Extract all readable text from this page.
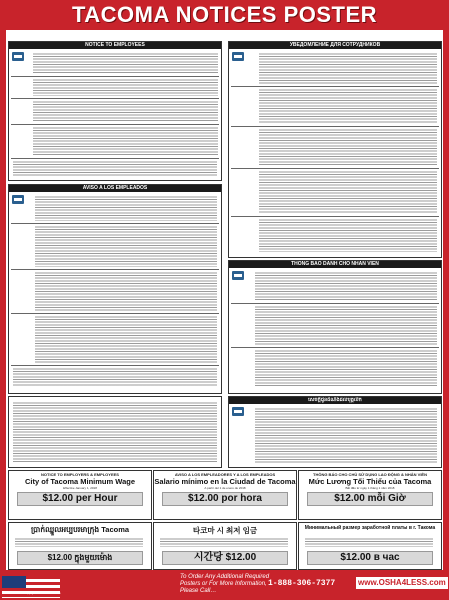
TACOMA NOTICES POSTER
NOTICE TO EMPLOYEES	УВЕДОМЛЕНИЕ ДЛЯ СОТРУДНИКОВ
AVISO A LOS EMPLEADOS
THÔNG BÁO DÀNH CHO NHÂN VIÊN
សេចក្តីជូនដំណឹងដល់បុគ្គលិក
NOTICE TO EMPLOYERS & EMPLOYEES
City of Tacoma Minimum Wage
Effective January 1, 2018
$12.00 per Hour
AVISO A LOS EMPLEADORES Y A LOS EMPLEADOS
Salario mínimo en la Ciudad de Tacoma
A partir del 1 de enero de 2018
$12.00 por hora
THÔNG BÁO CHO CHỦ SỬ DỤNG LAO ĐỘNG & NHÂN VIÊN
Mức Lương Tối Thiểu của Tacoma
Bắt đầu từ ngày 1 tháng 1 năm 2018
$12.00 mỗi Giờ
ប្រាក់ឈ្នួលអប្បបរមាក្រុង Tacoma
$12.00 ក្នុងមួយម៉ោង
타코마 시 최저 임금
시간당 $12.00
Минимальный размер заработной платы в г. Такома
$12.00 в час
To Order Any Additional Required Posters or For More Information, Please Call…
1-888-306-7377	www.OSHA4LESS.com
TPL-TAC-2017-1 Copyright © 2018 OSHA4LESS
